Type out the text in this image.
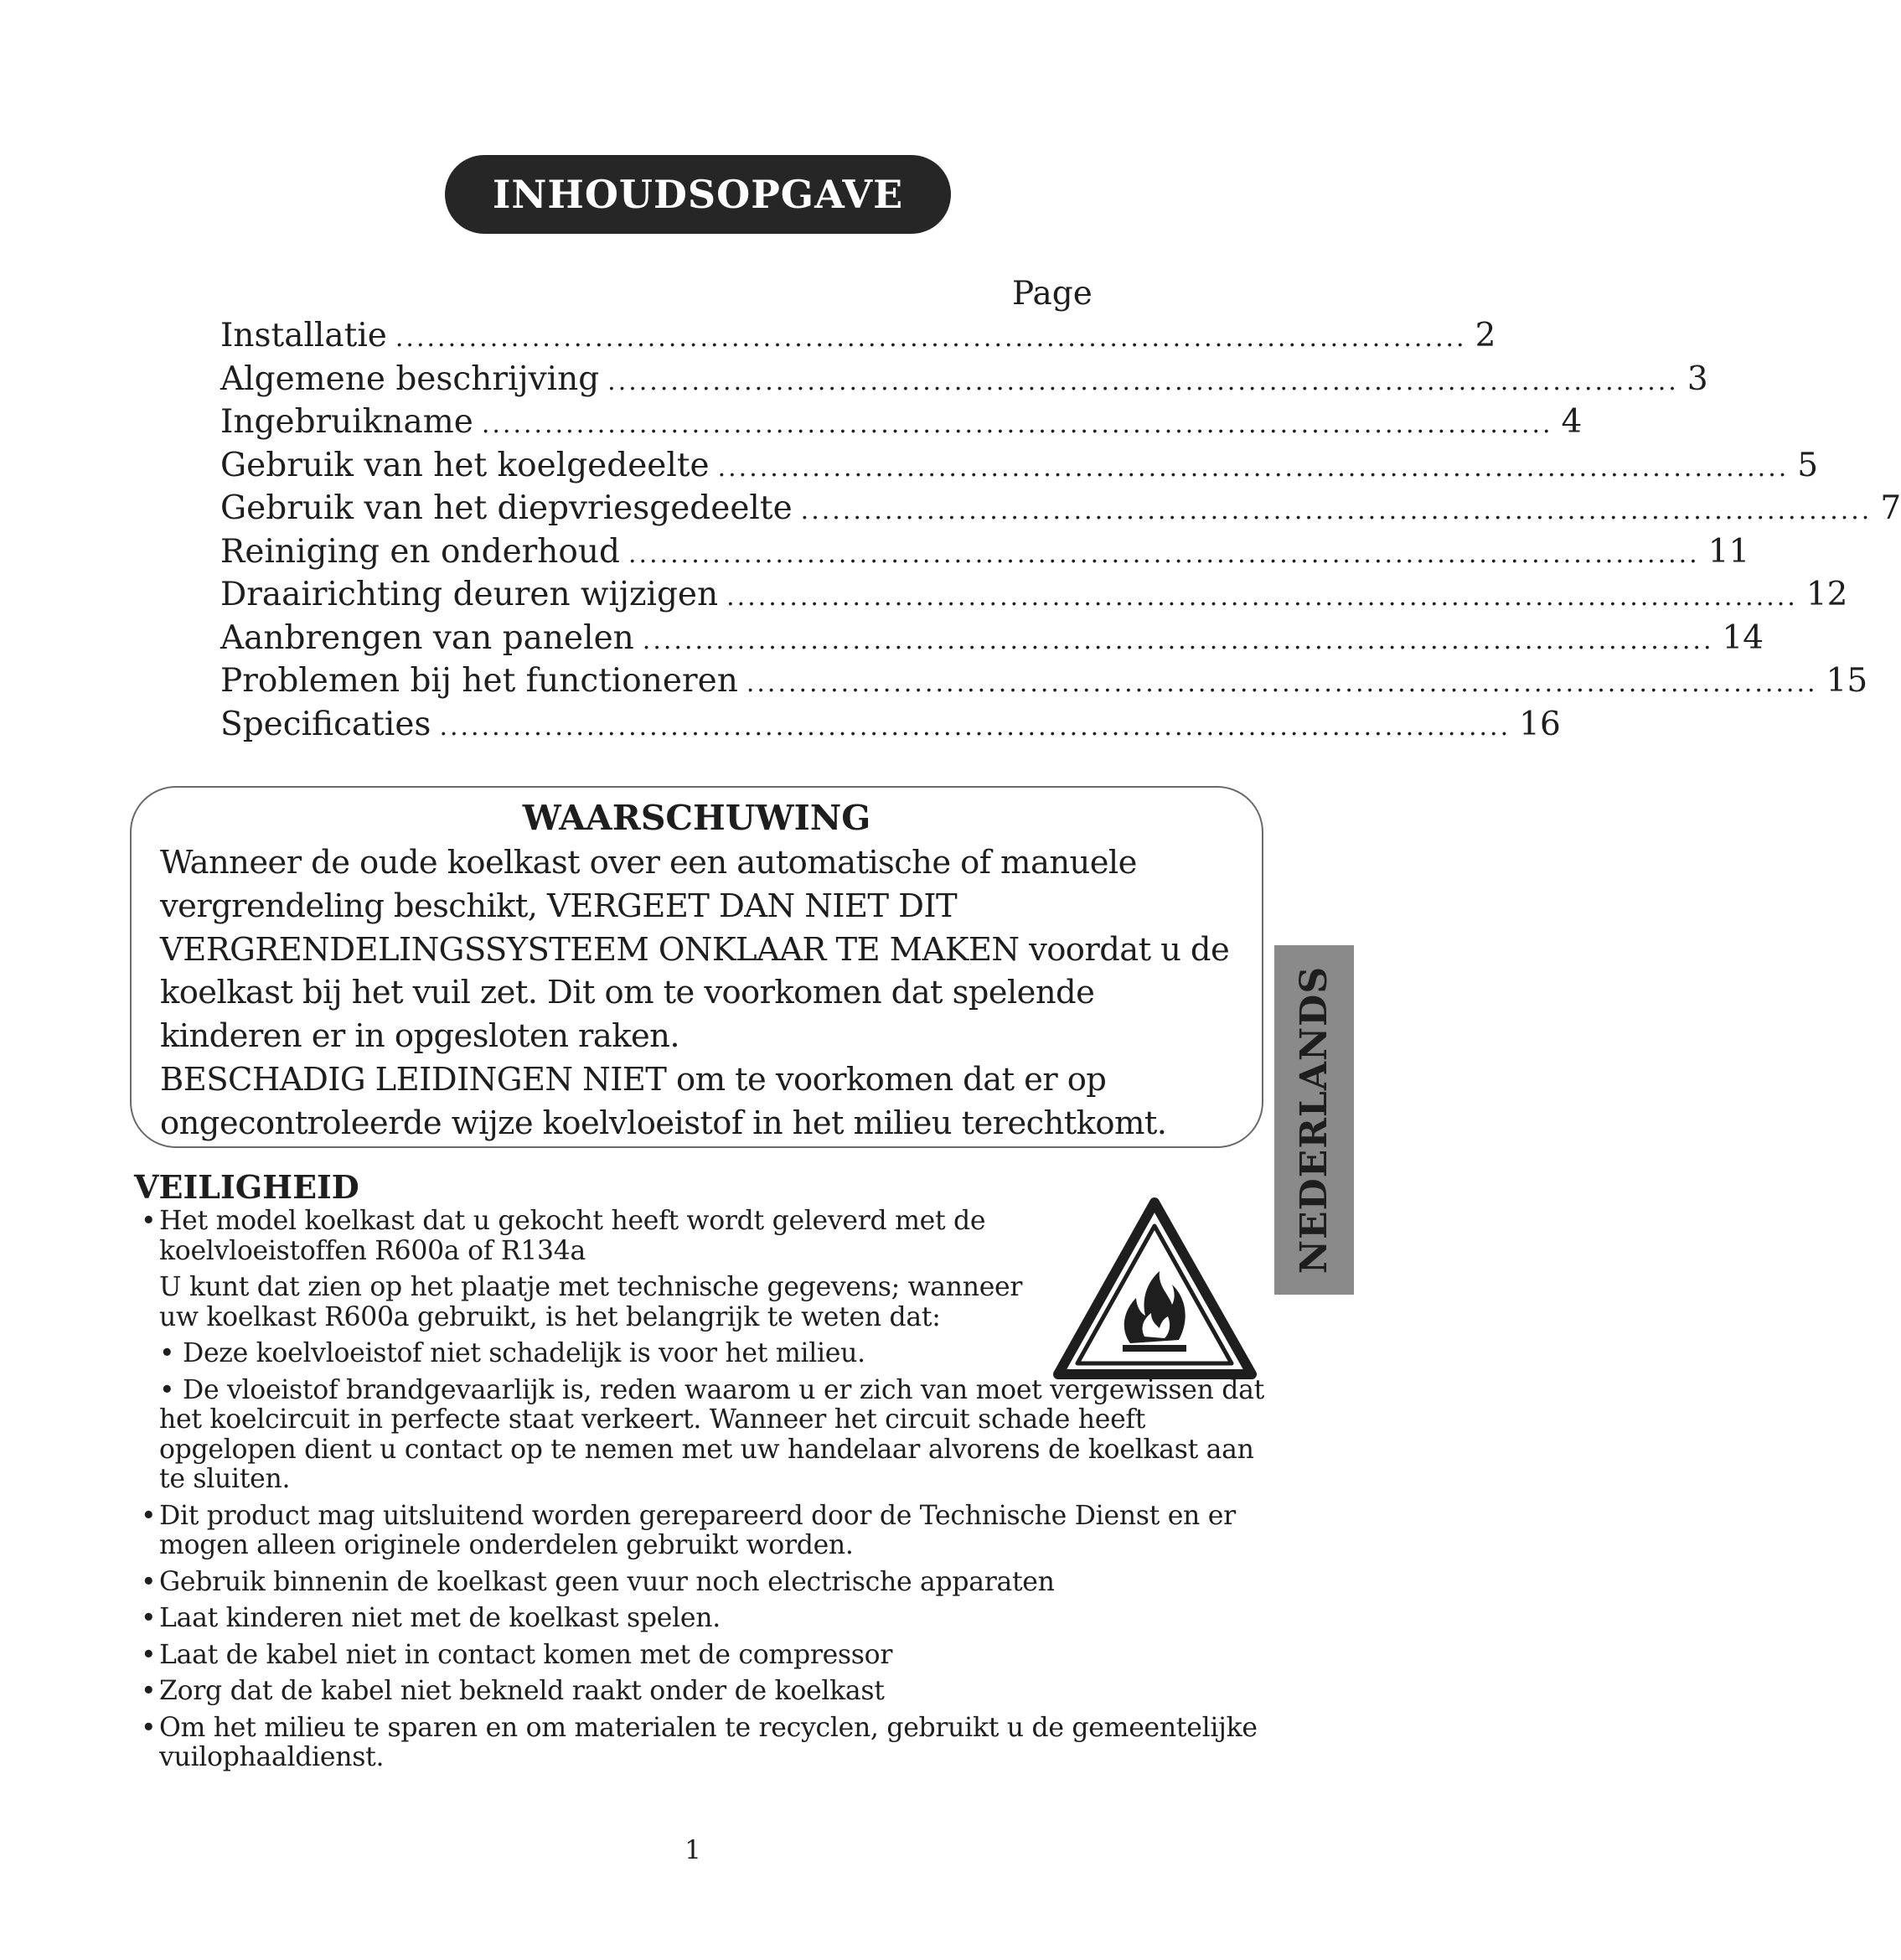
INHOUDSOPGAVE
Page
Installatie ...................................................................................................... 2
Algemene beschrijving ...................................................................................................... 3
Ingebruikname ...................................................................................................... 4
Gebruik van het koelgedeelte ...................................................................................................... 5
Gebruik van het diepvriesgedeelte ...................................................................................................... 7
Reiniging en onderhoud ...................................................................................................... 11
Draairichting deuren wijzigen ...................................................................................................... 12
Aanbrengen van panelen ...................................................................................................... 14
Problemen bij het functioneren ...................................................................................................... 15
Specificaties ...................................................................................................... 16
WAARSCHUWING

Wanneer de oude koelkast over een automatische of manuele

vergrendeling beschikt, VERGEET DAN NIET DIT

VERGRENDELINGSSYSTEEM ONKLAAR TE MAKEN voordat u de

koelkast bij het vuil zet. Dit om te voorkomen dat spelende

kinderen er in opgesloten raken.

BESCHADIG LEIDINGEN NIET om te voorkomen dat er op

ongecontroleerde wijze koelvloeistof in het milieu terechtkomt.	NEDERLANDS
VEILIGHEID

• Het model koelkast dat u gekocht heeft wordt geleverd met de koelvloeistoffen R600a of R134a

U kunt dat zien op het plaatje met technische gegevens; wanneer uw koelkast R600a gebruikt, is het belangrijk te weten dat:

• Deze koelvloeistof niet schadelijk is voor het milieu.

• De vloeistof brandgevaarlijk is, reden waarom u er zich van moet vergewissen dat het koelcircuit in perfecte staat verkeert. Wanneer het circuit schade heeft opgelopen dient u contact op te nemen met uw handelaar alvorens de koelkast aan te sluiten.

• Dit product mag uitsluitend worden gerepareerd door de Technische Dienst en er mogen alleen originele onderdelen gebruikt worden.

• Gebruik binnenin de koelkast geen vuur noch electrische apparaten

• Laat kinderen niet met de koelkast spelen.

• Laat de kabel niet in contact komen met de compressor

• Zorg dat de kabel niet bekneld raakt onder de koelkast

• Om het milieu te sparen en om materialen te recyclen, gebruikt u de gemeentelijke vuilophaaldienst.

1
